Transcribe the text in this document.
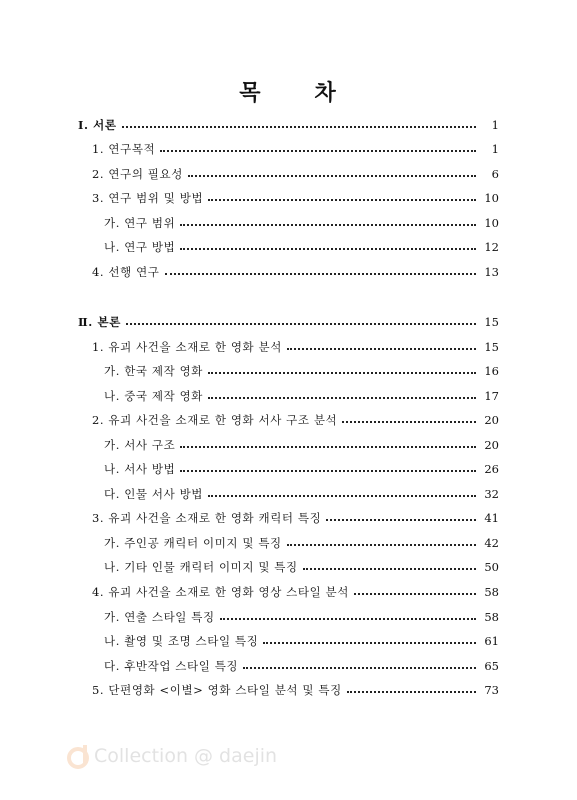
목 차
Ⅰ. 서론	1
1. 연구목적	1
2. 연구의 필요성	6
3. 연구 범위 및 방법	10
가. 연구 범위	10
나. 연구 방법	12
4. 선행 연구	13
Ⅱ. 본론	15
1. 유괴 사건을 소재로 한 영화 분석	15
가. 한국 제작 영화	16
나. 중국 제작 영화	17
2. 유괴 사건을 소재로 한 영화 서사 구조 분석	20
가. 서사 구조	20
나. 서사 방법	26
다. 인물 서사 방법	32
3. 유괴 사건을 소재로 한 영화 캐릭터 특징	41
가. 주인공 캐릭터 이미지 및 특징	42
나. 기타 인물 캐릭터 이미지 및 특징	50
4. 유괴 사건을 소재로 한 영화 영상 스타일 분석	58
가. 연출 스타일 특징	58
나. 촬영 및 조명 스타일 특징	61
다. 후반작업 스타일 특징	65
5. 단편영화 <이별> 영화 스타일 분석 및 특징	73
Collection @ daejin
